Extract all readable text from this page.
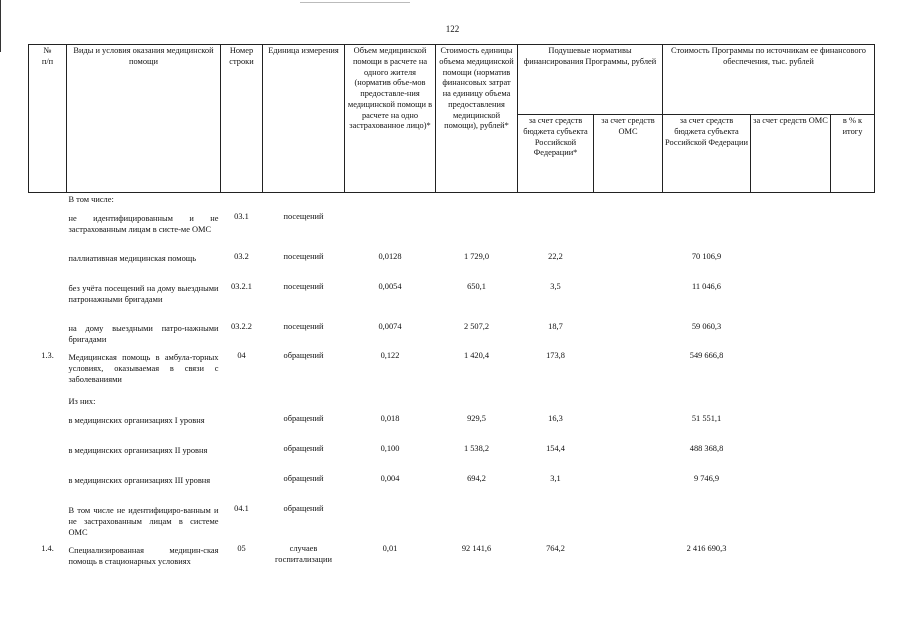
122
№
п/п	Виды и условия оказания медицинской помощи	Номер строки	Единица измерения	Объем медицинской помощи в расчете на одного жителя (норматив объе-мов предоставле-ния медицинской помощи в расчете на одно застрахованное лицо)*	Стоимость единицы объема медицинской помощи (норматив финансовых затрат на единицу объема предоставления медицинской помощи), рублей*	Подушевые нормативы финансирования Программы, рублей		Стоимость Программы по источникам ее финансового обеспечения, тыс. рублей		
						за счет средств бюджета субъекта Российской Федерации*	за счет средств ОМС	за счет средств бюджета субъекта Российской Федерации	за счет средств ОМС	в % к итогу
	В том числе:									
	не идентифицированным и не застрахованным лицам в систе-ме ОМС	03.1	посещений							
	паллиативная медицинская помощь	03.2	посещений	0,0128	1 729,0	22,2		70 106,9		
	без учёта посещений на дому выездными патронажными бригадами	03.2.1	посещений	0,0054	650,1	3,5		11 046,6		
	на дому выездными патро-нажными бригадами	03.2.2	посещений	0,0074	2 507,2	18,7		59 060,3		
1.3.	Медицинская помощь в амбула-торных условиях, оказываемая в связи с заболеваниями	04	обращений	0,122	1 420,4	173,8		549 666,8		
	Из них:									
	в медицинских организациях I уровня		обращений	0,018	929,5	16,3		51 551,1		
	в медицинских организациях II уровня		обращений	0,100	1 538,2	154,4		488 368,8		
	в медицинских организациях III уровня		обращений	0,004	694,2	3,1		9 746,9		
	В том числе не идентифициро-ванным и не застрахованным лицам в системе ОМС	04.1	обращений							
1.4.	Специализированная медицин-ская помощь в стационарных условиях	05	случаев госпитализации	0,01	92 141,6	764,2		2 416 690,3		
